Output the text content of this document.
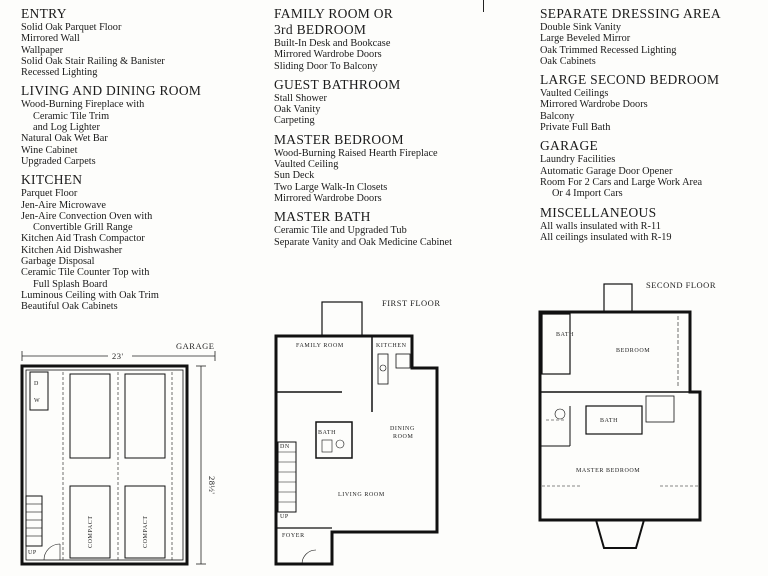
ENTRY

Solid Oak Parquet Floor

Mirrored Wall

Wallpaper

Solid Oak Stair Railing & Banister

Recessed Lighting

LIVING AND DINING ROOM

Wood-Burning Fireplace with

Ceramic Tile Trim

and Log Lighter

Natural Oak Wet Bar

Wine Cabinet

Upgraded Carpets

KITCHEN

Parquet Floor

Jen-Aire Microwave

Jen-Aire Convection Oven with

Convertible Grill Range

Kitchen Aid Trash Compactor

Kitchen Aid Dishwasher

Garbage Disposal

Ceramic Tile Counter Top with

Full Splash Board

Luminous Ceiling with Oak Trim

Beautiful Oak Cabinets

FAMILY ROOM OR

3rd BEDROOM

Built-In Desk and Bookcase

Mirrored Wardrobe Doors

Sliding Door To Balcony

GUEST BATHROOM

Stall Shower

Oak Vanity

Carpeting

MASTER BEDROOM

Wood-Burning Raised Hearth Fireplace

Vaulted Ceiling

Sun Deck

Two Large Walk-In Closets

Mirrored Wardrobe Doors

MASTER BATH

Ceramic Tile and Upgraded Tub

Separate Vanity and Oak Medicine Cabinet

SEPARATE DRESSING AREA

Double Sink Vanity

Large Beveled Mirror

Oak Trimmed Recessed Lighting

Oak Cabinets

LARGE SECOND BEDROOM

Vaulted Ceilings

Mirrored Wardrobe Doors

Balcony

Private Full Bath

GARAGE

Laundry Facilities

Automatic Garage Door Opener

Room For 2 Cars and Large Work Area

Or 4 Import Cars

MISCELLANEOUS

All walls insulated with R-11

All ceilings insulated with R-19

GARAGE
23'
28½'
D
W
COMPACT	COMPACT
UP
FIRST FLOOR
FAMILY ROOM	KITCHEN
BATH
DINING
ROOM
DN
UP
LIVING ROOM
FOYER
SECOND FLOOR
BATH
BEDROOM
BATH
MASTER BEDROOM
